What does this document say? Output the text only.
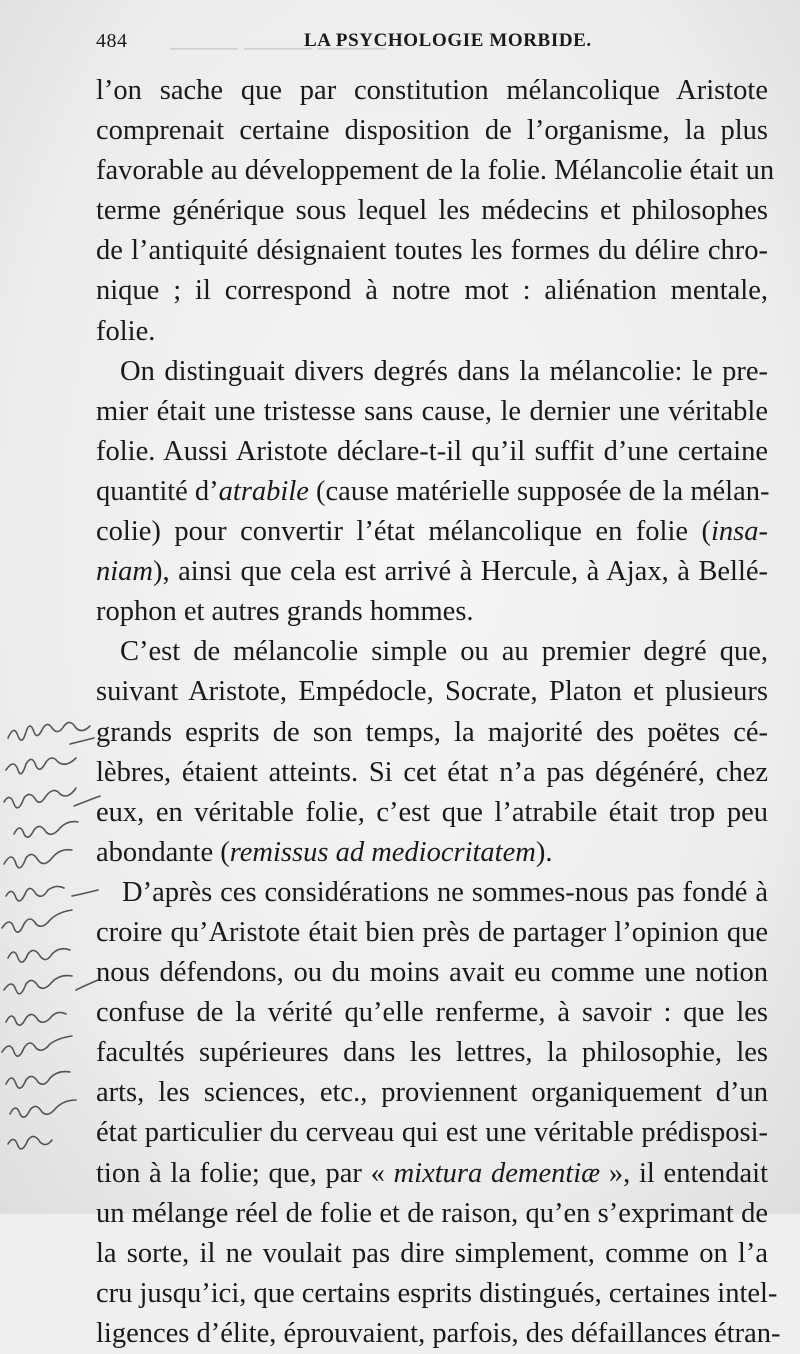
484	LA PSYCHOLOGIE MORBIDE.
l’on sache que par constitution mélancolique Aristote
comprenait certaine disposition de l’organisme, la plus
favorable au développement de la folie. Mélancolie était un
terme générique sous lequel les médecins et philosophes
de l’antiquité désignaient toutes les formes du délire chro-
nique ; il correspond à notre mot : aliénation mentale,
folie.
On distinguait divers degrés dans la mélancolie: le pre-
mier était une tristesse sans cause, le dernier une véritable
folie. Aussi Aristote déclare-t-il qu’il suffit d’une certaine
quantité d’atrabile (cause matérielle supposée de la mélan-
colie) pour convertir l’état mélancolique en folie (insa-
niam), ainsi que cela est arrivé à Hercule, à Ajax, à Bellé-
rophon et autres grands hommes.
C’est de mélancolie simple ou au premier degré que,
suivant Aristote, Empédocle, Socrate, Platon et plusieurs
grands esprits de son temps, la majorité des poëtes cé-
lèbres, étaient atteints. Si cet état n’a pas dégénéré, chez
eux, en véritable folie, c’est que l’atrabile était trop peu
abondante (remissus ad mediocritatem).
D’après ces considérations ne sommes-nous pas fondé à
croire qu’Aristote était bien près de partager l’opinion que
nous défendons, ou du moins avait eu comme une notion
confuse de la vérité qu’elle renferme, à savoir : que les
facultés supérieures dans les lettres, la philosophie, les
arts, les sciences, etc., proviennent organiquement d’un
état particulier du cerveau qui est une véritable prédisposi-
tion à la folie; que, par « mixtura dementiæ », il entendait
un mélange réel de folie et de raison, qu’en s’exprimant de
la sorte, il ne voulait pas dire simplement, comme on l’a
cru jusqu’ici, que certains esprits distingués, certaines intel-
ligences d’élite, éprouvaient, parfois, des défaillances étran-
──── ──── ────
